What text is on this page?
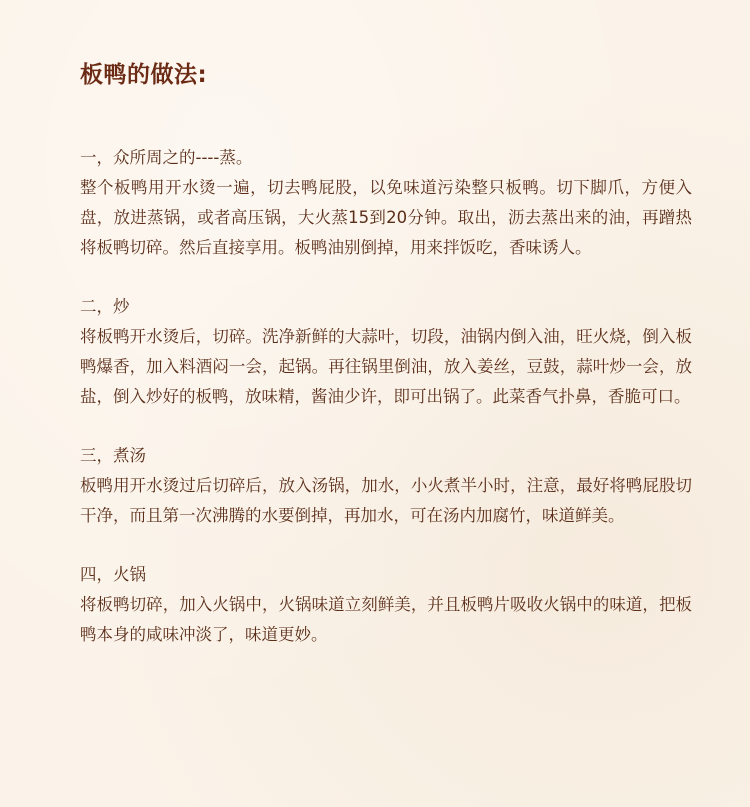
板鸭的做法:

一，众所周之的----蒸。

整个板鸭用开水烫一遍，切去鸭屁股，以免味道污染整只板鸭。切下脚爪，方便入盘，放进蒸锅，或者高压锅，大火蒸15到20分钟。取出，沥去蒸出来的油，再蹭热将板鸭切碎。然后直接享用。板鸭油别倒掉，用来拌饭吃，香味诱人。

二，炒

将板鸭开水烫后，切碎。洗净新鲜的大蒜叶，切段，油锅内倒入油，旺火烧，倒入板鸭爆香，加入料酒闷一会，起锅。再往锅里倒油，放入姜丝，豆鼓，蒜叶炒一会，放盐，倒入炒好的板鸭，放味精，酱油少许，即可出锅了。此菜香气扑鼻，香脆可口。

三，煮汤

板鸭用开水烫过后切碎后，放入汤锅，加水，小火煮半小时，注意，最好将鸭屁股切干净，而且第一次沸腾的水要倒掉，再加水，可在汤内加腐竹，味道鲜美。

四，火锅

将板鸭切碎，加入火锅中，火锅味道立刻鲜美，并且板鸭片吸收火锅中的味道，把板鸭本身的咸味冲淡了，味道更妙。
